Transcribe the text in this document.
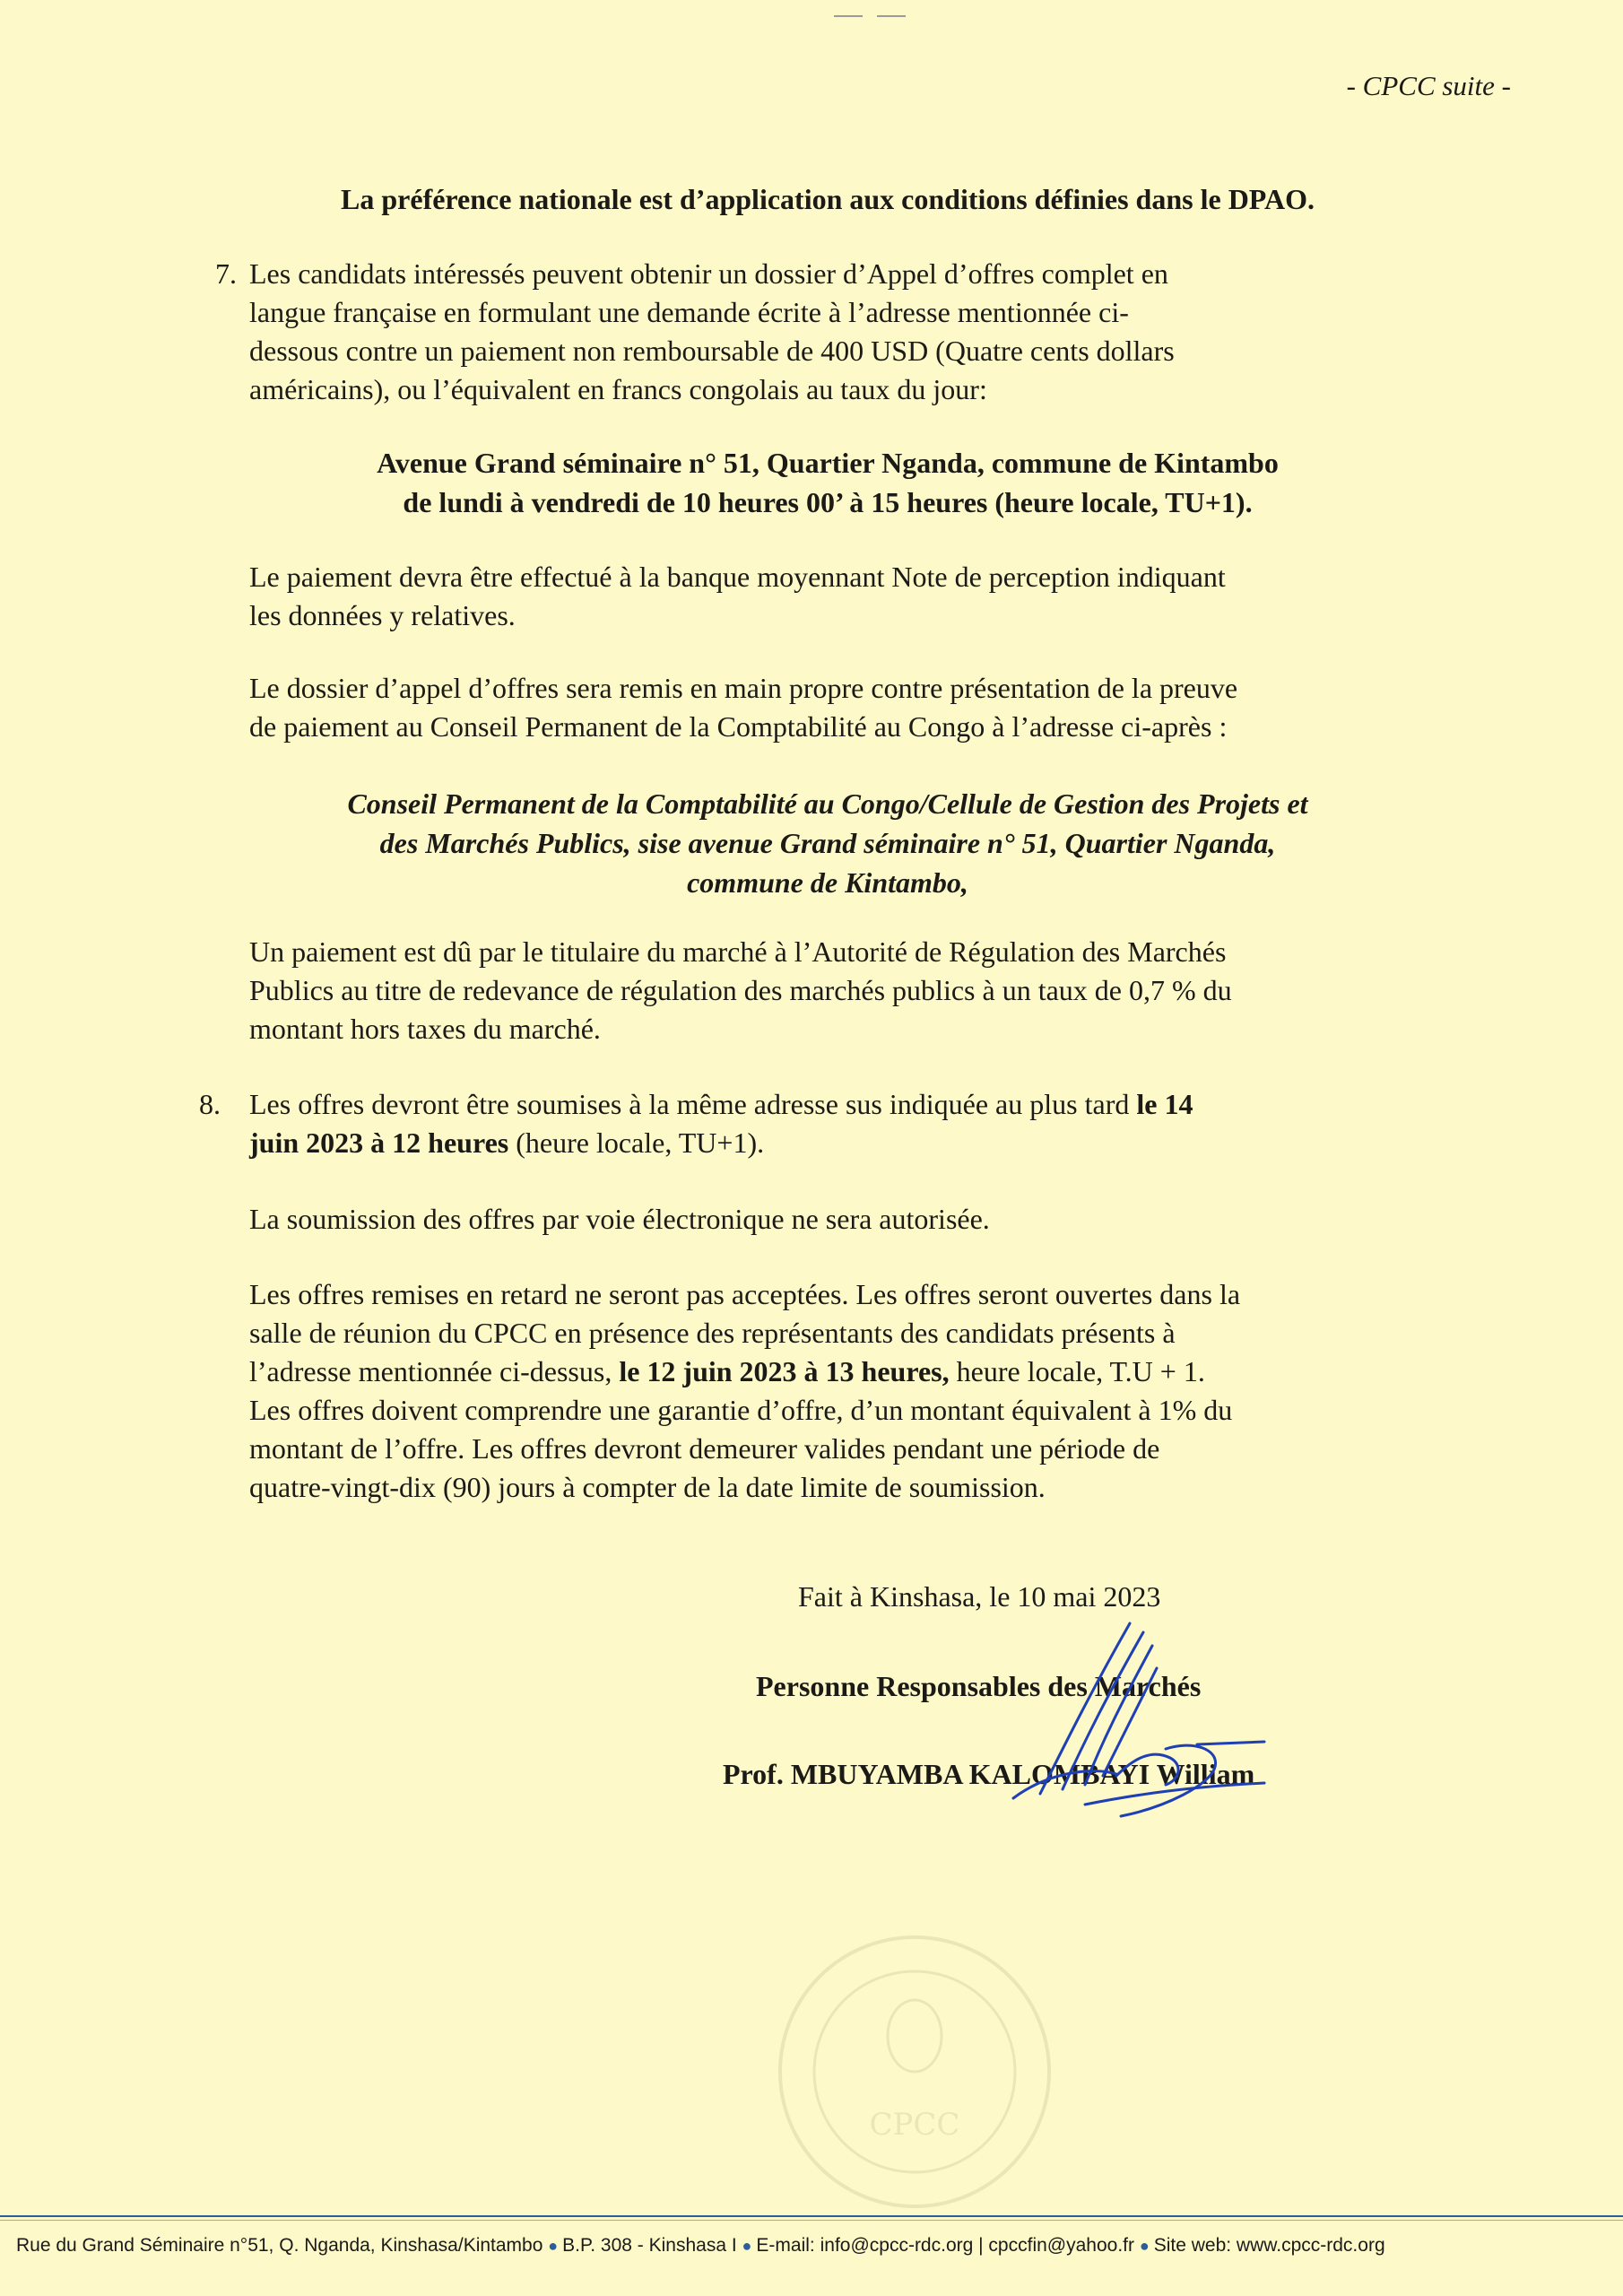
- CPCC suite -
La préférence nationale est d’application aux conditions définies dans le DPAO.
7. Les candidats intéressés peuvent obtenir un dossier d’Appel d’offres complet en
langue française en formulant une demande écrite à l’adresse mentionnée ci-
dessous contre un paiement non remboursable de 400 USD (Quatre cents dollars
américains), ou l’équivalent en francs congolais au taux du jour:
Avenue Grand séminaire n° 51, Quartier Nganda, commune de Kintambo
de lundi à vendredi de 10 heures 00’ à 15 heures (heure locale, TU+1).
Le paiement devra être effectué à la banque moyennant Note de perception indiquant
les données y relatives.
Le dossier d’appel d’offres sera remis en main propre contre présentation de la preuve
de paiement au Conseil Permanent de la Comptabilité au Congo à l’adresse ci-après :
Conseil Permanent de la Comptabilité au Congo/Cellule de Gestion des Projets et
des Marchés Publics, sise avenue Grand séminaire n° 51, Quartier Nganda,
commune de Kintambo,
Un paiement est dû par le titulaire du marché à l’Autorité de Régulation des Marchés
Publics au titre de redevance de régulation des marchés publics à un taux de 0,7 % du
montant hors taxes du marché.
8. Les offres devront être soumises à la même adresse sus indiquée au plus tard le 14
juin 2023 à 12 heures (heure locale, TU+1).
La soumission des offres par voie électronique ne sera autorisée.
Les offres remises en retard ne seront pas acceptées. Les offres seront ouvertes dans la
salle de réunion du CPCC en présence des représentants des candidats présents à
l’adresse mentionnée ci-dessus, le 12 juin 2023 à 13 heures, heure locale, T.U + 1.
Les offres doivent comprendre une garantie d’offre, d’un montant équivalent à 1% du
montant de l’offre. Les offres devront demeurer valides pendant une période de
quatre-vingt-dix (90) jours à compter de la date limite de soumission.
Fait à Kinshasa, le 10 mai 2023
Personne Responsables des Marchés
Prof. MBUYAMBA KALOMBAYI William
CPCC
Rue du Grand Séminaire n°51, Q. Nganda, Kinshasa/Kintambo ● B.P. 308 - Kinshasa I ● E-mail: info@cpcc-rdc.org | cpccfin@yahoo.fr ● Site web: www.cpcc-rdc.org
